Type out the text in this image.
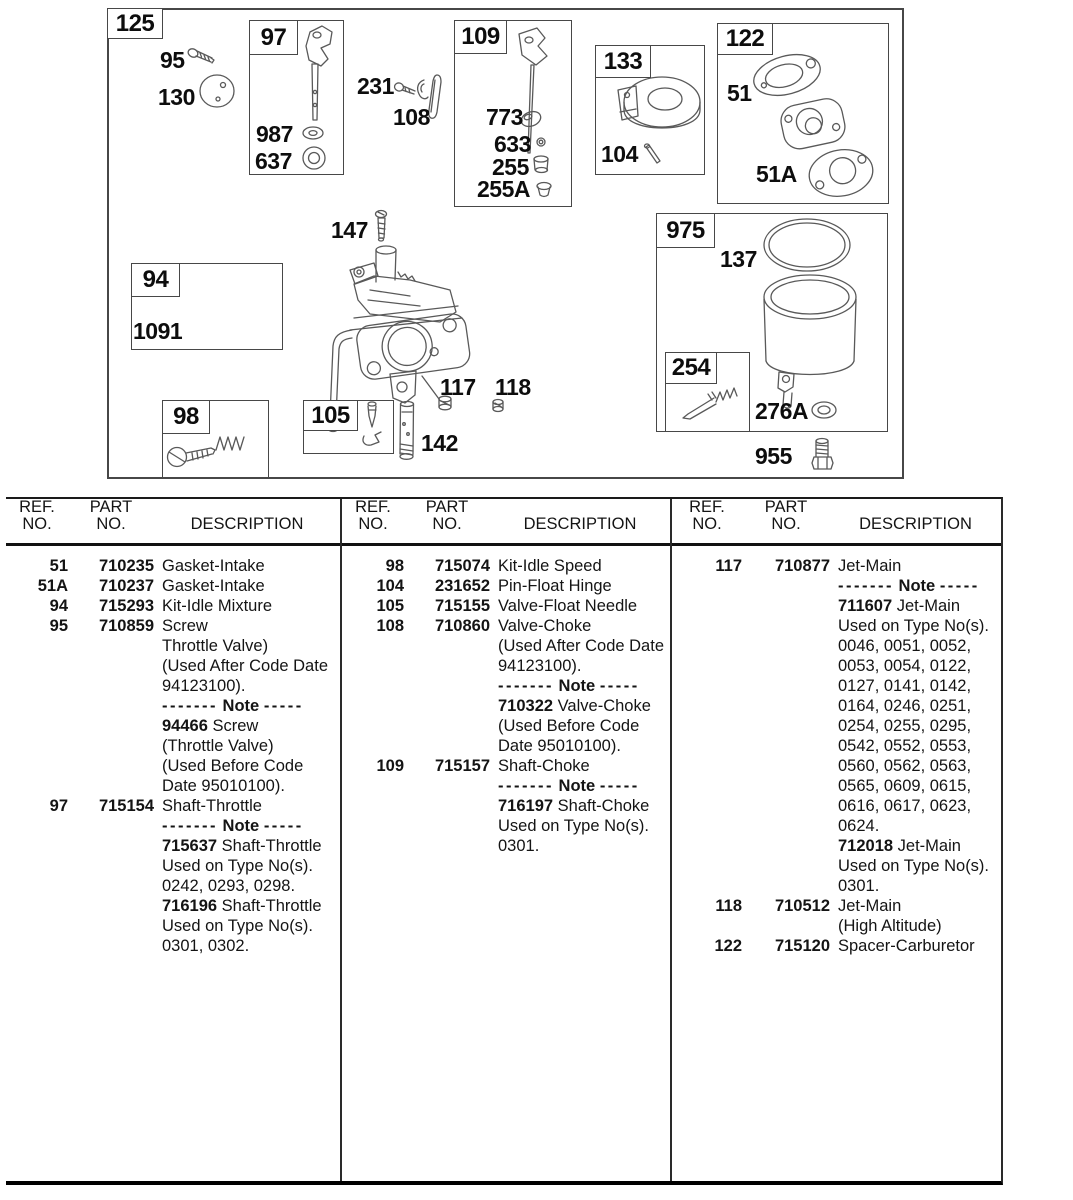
125
97	109
133
122
94
98	105
975
254
95
130
987
637
231
108 773
633
255
255A
104
51
51A
147
1091
117 118
142
137
276A
955
REF.
NO.
PART
NO.	DESCRIPTION
51	710235 Gasket-Intake
51A	710237 Gasket-Intake
94	715293 Kit-Idle Mixture
95	710859 Screw
Throttle Valve)
(Used After Code Date
94123100).
------- Note -----
94466 Screw
(Throttle Valve)
(Used Before Code
Date 95010100).
97	715154 Shaft-Throttle
------- Note -----
715637 Shaft-Throttle
Used on Type No(s).
0242, 0293, 0298.
716196 Shaft-Throttle
Used on Type No(s).
0301, 0302.
REF.
NO.
PART
NO.	DESCRIPTION
98	715074 Kit-Idle Speed
104	231652 Pin-Float Hinge
105	715155 Valve-Float Needle
108	710860 Valve-Choke
(Used After Code Date
94123100).
------- Note -----
710322 Valve-Choke
(Used Before Code
Date 95010100).
109	715157 Shaft-Choke
------- Note -----
716197 Shaft-Choke
Used on Type No(s).
0301.
REF.
NO.
PART
NO.	DESCRIPTION
117	710877 Jet-Main
------- Note -----
711607 Jet-Main
Used on Type No(s).
0046, 0051, 0052,
0053, 0054, 0122,
0127, 0141, 0142,
0164, 0246, 0251,
0254, 0255, 0295,
0542, 0552, 0553,
0560, 0562, 0563,
0565, 0609, 0615,
0616, 0617, 0623,
0624.
712018 Jet-Main
Used on Type No(s).
0301.
118	710512 Jet-Main
(High Altitude)
122	715120 Spacer-Carburetor
